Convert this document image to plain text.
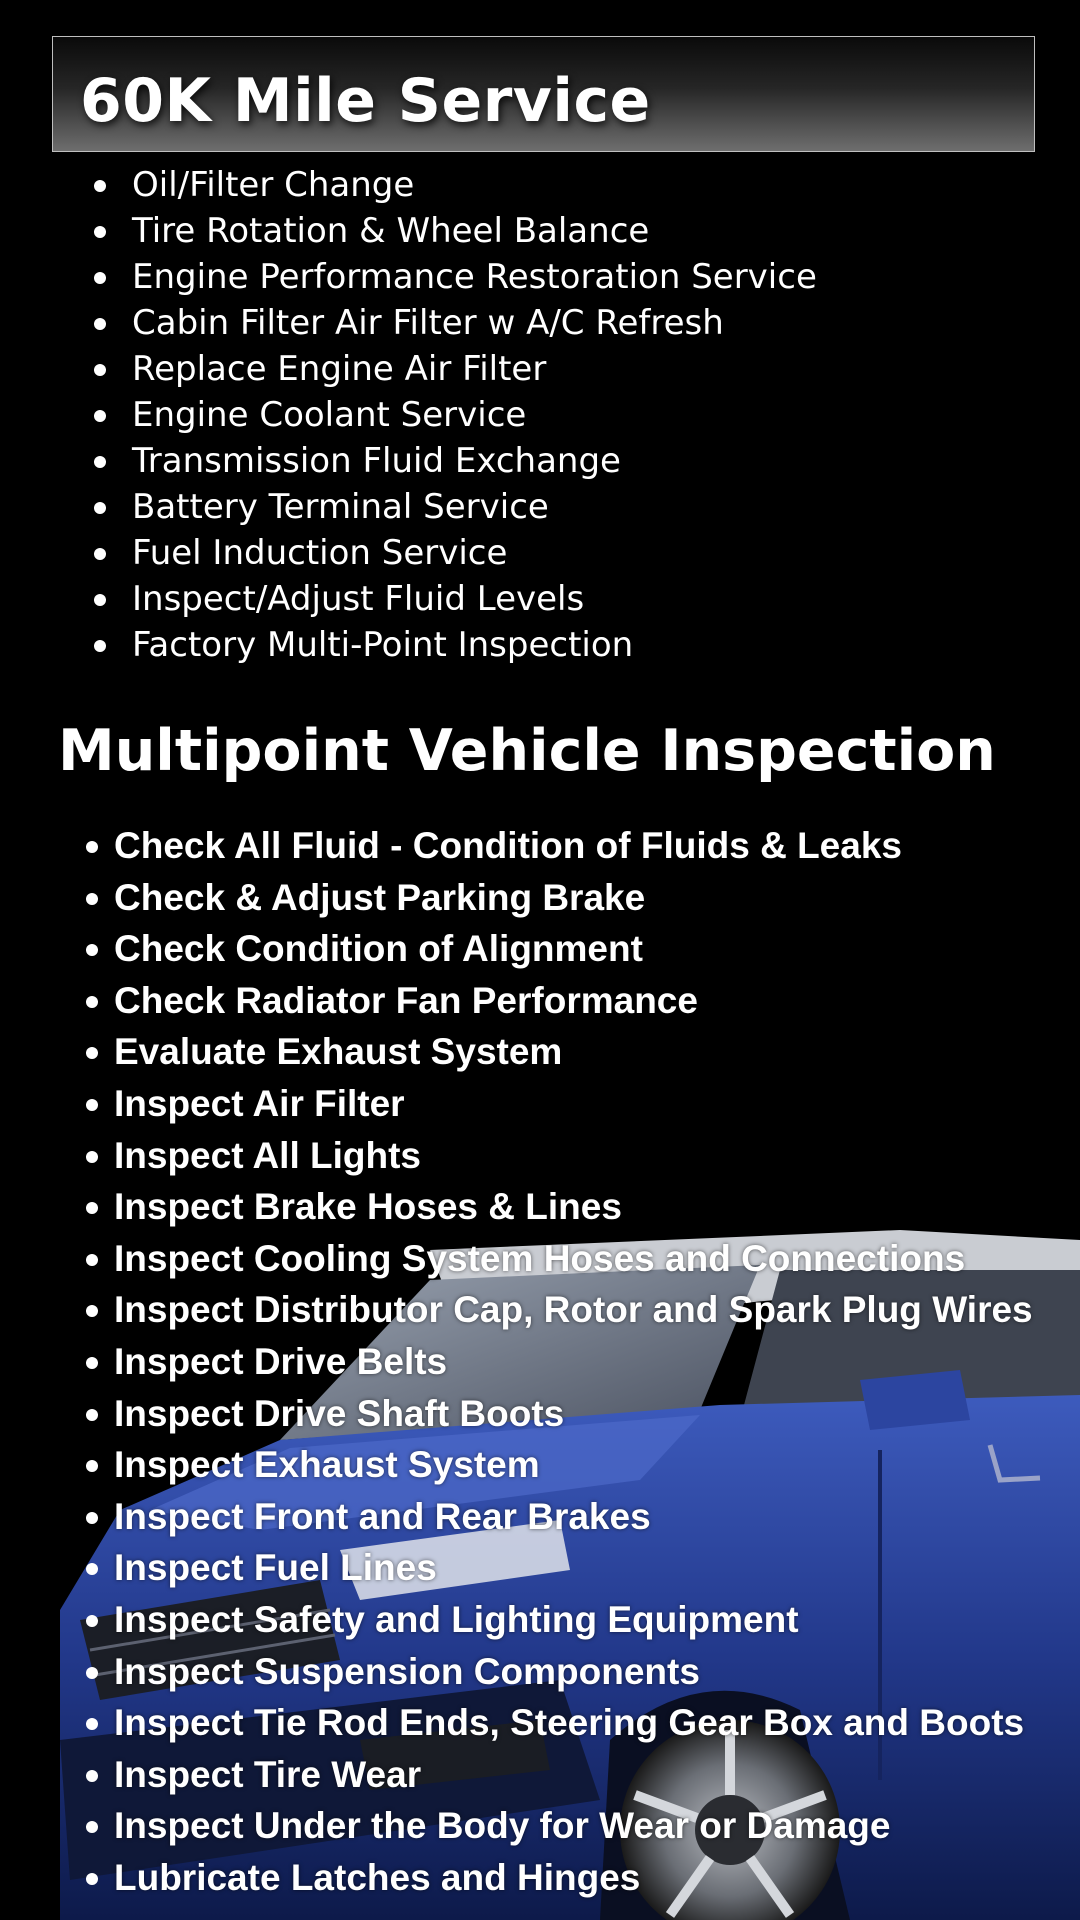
60K Mile Service
Oil/Filter Change
Tire Rotation & Wheel Balance
Engine Performance Restoration Service
Cabin Filter Air Filter w A/C Refresh
Replace Engine Air Filter
Engine Coolant Service
Transmission Fluid Exchange
Battery Terminal Service
Fuel Induction Service
Inspect/Adjust Fluid Levels
Factory Multi-Point Inspection
Multipoint Vehicle Inspection
Check All Fluid - Condition of Fluids & Leaks
Check & Adjust Parking Brake
Check Condition of Alignment
Check Radiator Fan Performance
Evaluate Exhaust System
Inspect Air Filter
Inspect All Lights
Inspect Brake Hoses & Lines
Inspect Cooling System Hoses and Connections
Inspect Distributor Cap, Rotor and Spark Plug Wires
Inspect Drive Belts
Inspect Drive Shaft Boots
Inspect Exhaust System
Inspect Front and Rear Brakes
Inspect Fuel Lines
Inspect Safety and Lighting Equipment
Inspect Suspension Components
Inspect Tie Rod Ends, Steering Gear Box and Boots
Inspect Tire Wear
Inspect Under the Body for Wear or Damage
Lubricate Latches and Hinges
